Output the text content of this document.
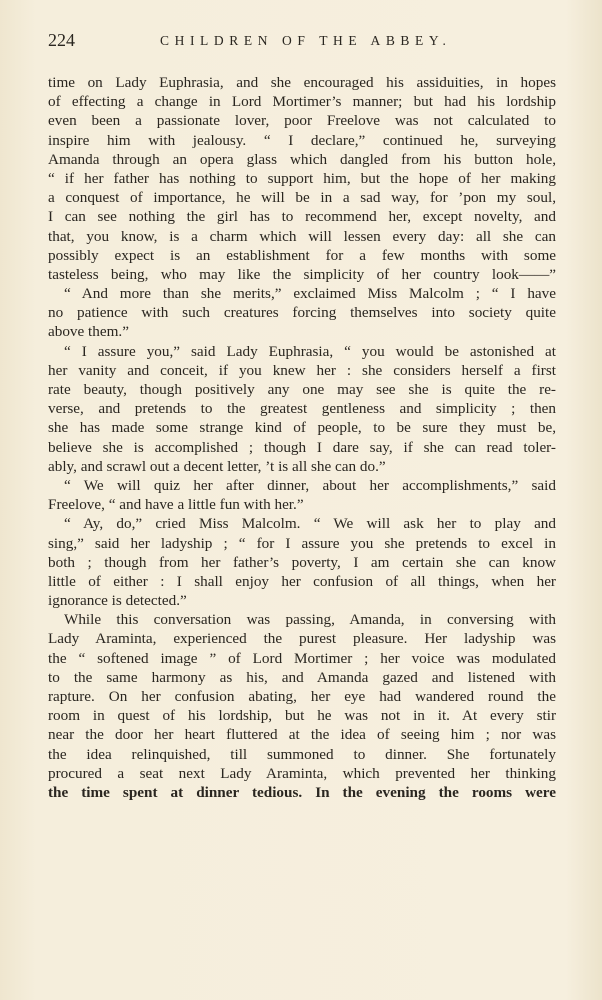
224	CHILDREN OF THE ABBEY.
time on Lady Euphrasia, and she encouraged his assiduities, in hopes
of effecting a change in Lord Mortimer’s manner; but had his lordship
even been a passionate lover, poor Freelove was not calculated to
inspire him with jealousy. “ I declare,” continued he, surveying
Amanda through an opera glass which dangled from his button hole,
“ if her father has nothing to support him, but the hope of her making
a conquest of importance, he will be in a sad way, for ’pon my soul,
I can see nothing the girl has to recommend her, except novelty, and
that, you know, is a charm which will lessen every day: all she can
possibly expect is an establishment for a few months with some
tasteless being, who may like the simplicity of her country look——”
“ And more than she merits,” exclaimed Miss Malcolm ; “ I have
no patience with such creatures forcing themselves into society quite
above them.”
“ I assure you,” said Lady Euphrasia, “ you would be astonished at
her vanity and conceit, if you knew her : she considers herself a first
rate beauty, though positively any one may see she is quite the re-
verse, and pretends to the greatest gentleness and simplicity ; then
she has made some strange kind of people, to be sure they must be,
believe she is accomplished ; though I dare say, if she can read toler-
ably, and scrawl out a decent letter, ’t is all she can do.”
“ We will quiz her after dinner, about her accomplishments,” said
Freelove, “ and have a little fun with her.”
“ Ay, do,” cried Miss Malcolm. “ We will ask her to play and
sing,” said her ladyship ; “ for I assure you she pretends to excel in
both ; though from her father’s poverty, I am certain she can know
little of either : I shall enjoy her confusion of all things, when her
ignorance is detected.”
While this conversation was passing, Amanda, in conversing with
Lady Araminta, experienced the purest pleasure. Her ladyship was
the “ softened image ” of Lord Mortimer ; her voice was modulated
to the same harmony as his, and Amanda gazed and listened with
rapture. On her confusion abating, her eye had wandered round the
room in quest of his lordship, but he was not in it. At every stir
near the door her heart fluttered at the idea of seeing him ; nor was
the idea relinquished, till summoned to dinner. She fortunately
procured a seat next Lady Araminta, which prevented her thinking
the time spent at dinner tedious. In the evening the rooms were
